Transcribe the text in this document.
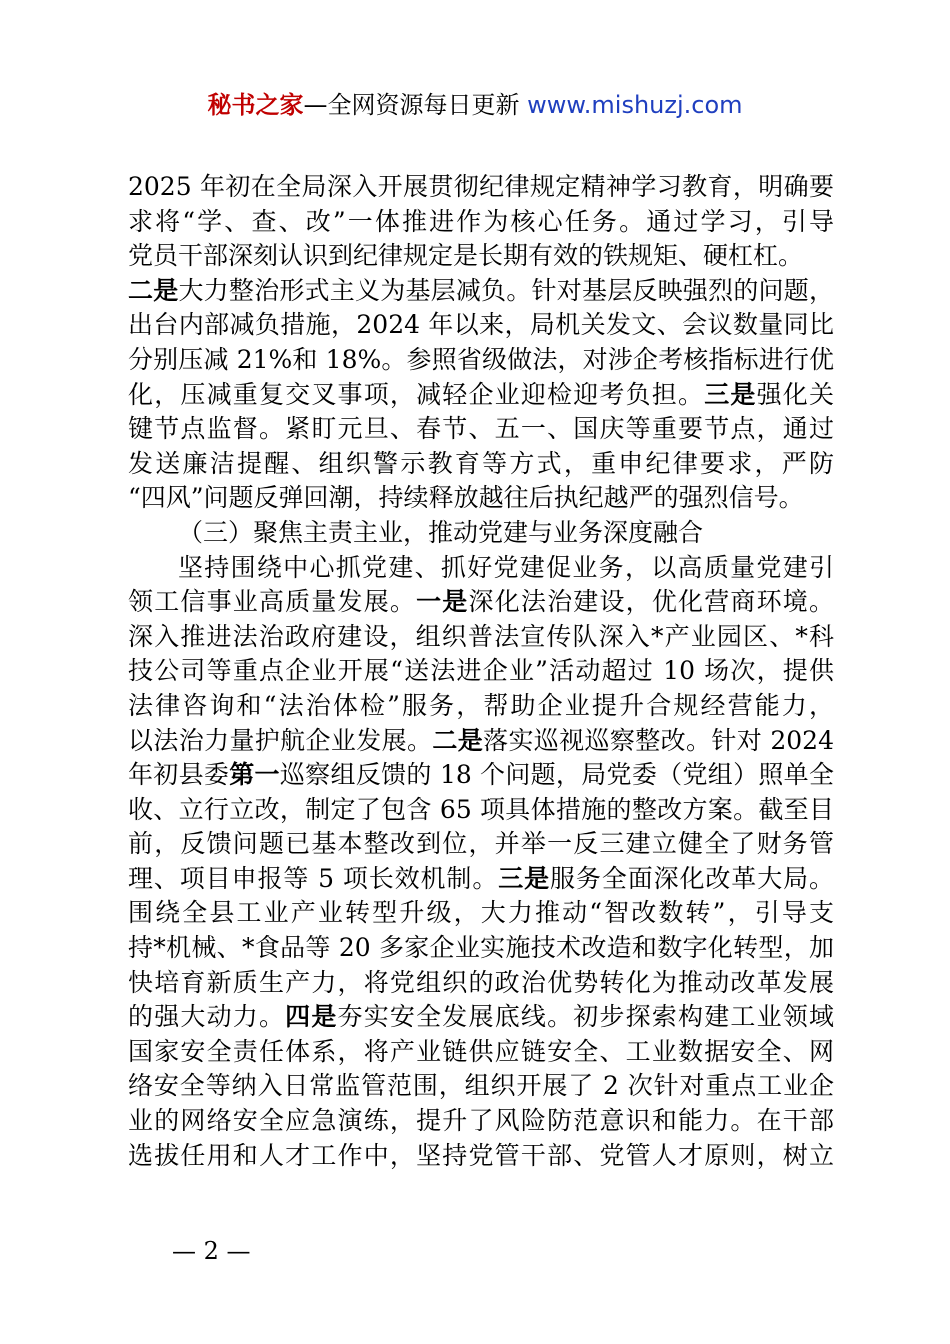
秘书之家—全网资源每日更新 www.mishuzj.com
2025 年初在全局深入开展贯彻纪律规定精神学习教育，明确要
求将“学、查、改”一体推进作为核心任务。通过学习，引导
党员干部深刻认识到纪律规定是长期有效的铁规矩、硬杠杠。
二是大力整治形式主义为基层减负。针对基层反映强烈的问题，
出台内部减负措施，2024 年以来，局机关发文、会议数量同比
分别压减 21%和 18%。参照省级做法，对涉企考核指标进行优
化，压减重复交叉事项，减轻企业迎检迎考负担。三是强化关
键节点监督。紧盯元旦、春节、五一、国庆等重要节点，通过
发送廉洁提醒、组织警示教育等方式，重申纪律要求，严防
“四风”问题反弹回潮，持续释放越往后执纪越严的强烈信号。
（三）聚焦主责主业，推动党建与业务深度融合
坚持围绕中心抓党建、抓好党建促业务，以高质量党建引
领工信事业高质量发展。一是深化法治建设，优化营商环境。
深入推进法治政府建设，组织普法宣传队深入*产业园区、*科
技公司等重点企业开展“送法进企业”活动超过 10 场次，提供
法律咨询和“法治体检”服务，帮助企业提升合规经营能力，
以法治力量护航企业发展。二是落实巡视巡察整改。针对 2024
年初县委第一巡察组反馈的 18 个问题，局党委（党组）照单全
收、立行立改，制定了包含 65 项具体措施的整改方案。截至目
前，反馈问题已基本整改到位，并举一反三建立健全了财务管
理、项目申报等 5 项长效机制。三是服务全面深化改革大局。
围绕全县工业产业转型升级，大力推动“智改数转”，引导支
持*机械、*食品等 20 多家企业实施技术改造和数字化转型，加
快培育新质生产力，将党组织的政治优势转化为推动改革发展
的强大动力。四是夯实安全发展底线。初步探索构建工业领域
国家安全责任体系，将产业链供应链安全、工业数据安全、网
络安全等纳入日常监管范围，组织开展了 2 次针对重点工业企
业的网络安全应急演练，提升了风险防范意识和能力。在干部
选拔任用和人才工作中，坚持党管干部、党管人才原则，树立
— 2 —
